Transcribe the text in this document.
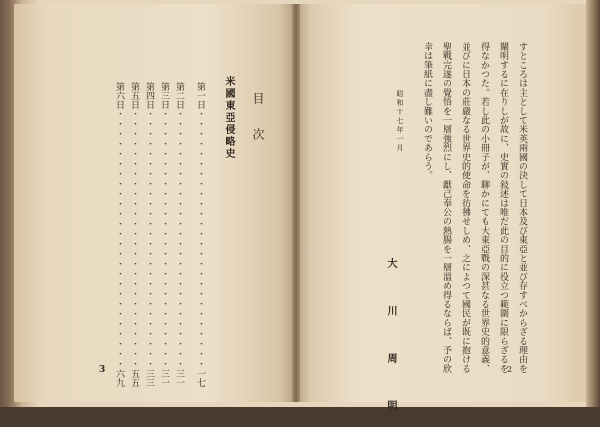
目 次
米國東亞侵略史
第一日・・・・・・・・・・・・・・・・・・・・・・・・・・一七
第二日・・・・・・・・・・・・・・・・・・・・・・・・・・三一
第三日・・・・・・・・・・・・・・・・・・・・・・・・・・三一
第四日・・・・・・・・・・・・・・・・・・・・・・・・・・三三
第五日・・・・・・・・・・・・・・・・・・・・・・・・・・五五
第六日・・・・・・・・・・・・・・・・・・・・・・・・・・六九
3	すところは主として米英兩國の決して日本及び東亞と並び存すべからざる理由を
闡明するに在りしが故に、史實の敍述は唯だ此の目的に役立つ範圍に限らざるを
得なかつた。若し此の小冊子が、聊かにても大東亞戰の深甚なる世界史的意義、
並びに日本の莊嚴なる世界史的使命を彷彿せしめ、之によつて國民が既に抱ける
聖戰完遂の覺悟を一層強烈にし、獻己奉公の熱腸を一層溫め得るならば、予の欣
幸は筆紙に盡し難いのであらう。
昭和十七年一月
大 川 周 明	2
